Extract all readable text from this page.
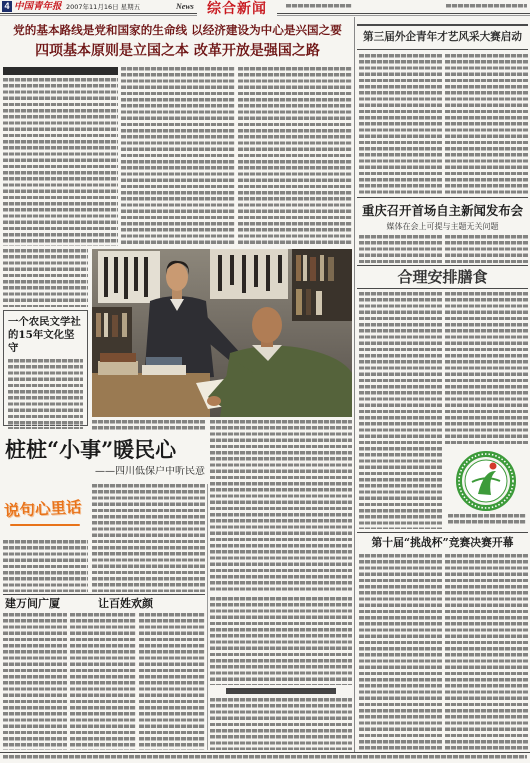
4 中国青年报 2007年11月16日 星期五	News 综合新闻
党的基本路线是党和国家的生命线 以经济建设为中心是兴国之要
四项基本原则是立国之本 改革开放是强国之路
一个农民文学社的15年文化坚守
桩桩“小事”暖民心
——四川低保户中听民意
说句心里话
建万间广厦	让百姓欢颜
第三届外企青年才艺风采大赛启动
重庆召开首场自主新闻发布会
媒体在会上可提与主题无关问题
合理安排膳食
第十届“挑战杯”竞赛决赛开幕
